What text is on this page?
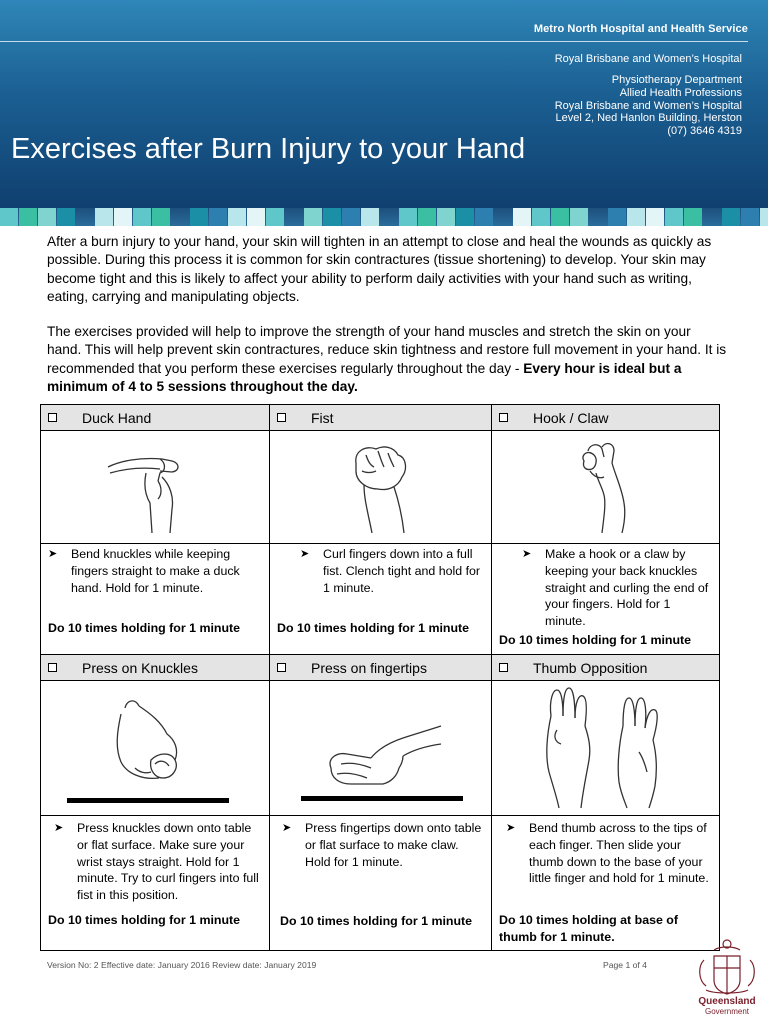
Metro North Hospital and Health Service
Royal Brisbane and Women’s Hospital
Physiotherapy Department
Allied Health Professions
Royal Brisbane and Women’s Hospital
Level 2, Ned Hanlon Building, Herston
(07) 3646 4319
Exercises after Burn Injury to your Hand

After a burn injury to your hand, your skin will tighten in an attempt to close and heal the wounds as quickly as possible. During this process it is common for skin contractures (tissue shortening) to develop. Your skin may become tight and this is likely to affect your ability to perform daily activities with your hand such as writing, eating, carrying and manipulating objects.

The exercises provided will help to improve the strength of your hand muscles and stretch the skin on your hand. This will help prevent skin contractures, reduce skin tightness and restore full movement in your hand. It is recommended that you perform these exercises regularly throughout the day - Every hour is ideal but a minimum of 4 to 5 sessions throughout the day.

Duck Hand	Fist	Hook / Claw
➤ Bend knuckles while keeping fingers straight to make a duck hand. Hold for 1 minute.
Do 10 times holding for 1 minute
➤ Curl fingers down into a full fist. Clench tight and hold for 1 minute.
Do 10 times holding for 1 minute
➤ Make a hook or a claw by keeping your back knuckles straight and curling the end of your fingers. Hold for 1 minute.
Do 10 times holding for 1 minute
Press on Knuckles	Press on fingertips	Thumb Opposition
➤ Press knuckles down onto table or flat surface. Make sure your wrist stays straight. Hold for 1 minute. Try to curl fingers into full fist in this position.
Do 10 times holding for 1 minute
➤ Press fingertips down onto table or flat surface to make claw. Hold for 1 minute.
Do 10 times holding for 1 minute
➤ Bend thumb across to the tips of each finger. Then slide your thumb down to the base of your little finger and hold for 1 minute.
Do 10 times holding at base of thumb for 1 minute.
Version No: 2 Effective date: January 2016 Review date: January 2019	Page 1 of 4
Queensland
Government
